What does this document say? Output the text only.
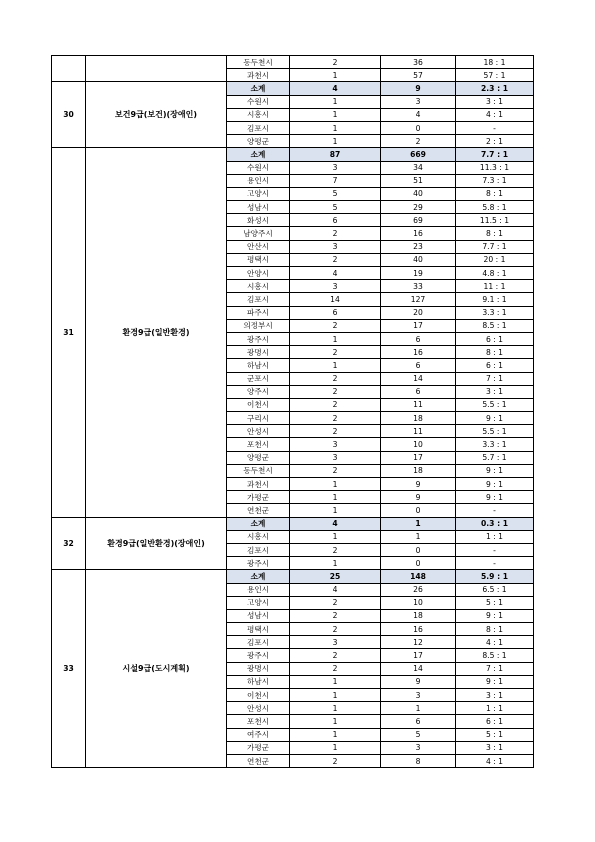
		동두천시	2	36	18 : 1
		과천시	1	57	57 : 1
30	보건9급(보건)(장애인)	소계	4	9	2.3 : 1
		수원시	1	3	3 : 1
		시흥시	1	4	4 : 1
		김포시	1	0	-
		양평군	1	2	2 : 1
31	환경9급(일반환경)	소계	87	669	7.7 : 1
		수원시	3	34	11.3 : 1
		용인시	7	51	7.3 : 1
		고양시	5	40	8 : 1
		성남시	5	29	5.8 : 1
		화성시	6	69	11.5 : 1
		남양주시	2	16	8 : 1
		안산시	3	23	7.7 : 1
		평택시	2	40	20 : 1
		안양시	4	19	4.8 : 1
		시흥시	3	33	11 : 1
		김포시	14	127	9.1 : 1
		파주시	6	20	3.3 : 1
		의정부시	2	17	8.5 : 1
		광주시	1	6	6 : 1
		광명시	2	16	8 : 1
		하남시	1	6	6 : 1
		군포시	2	14	7 : 1
		양주시	2	6	3 : 1
		이천시	2	11	5.5 : 1
		구리시	2	18	9 : 1
		안성시	2	11	5.5 : 1
		포천시	3	10	3.3 : 1
		양평군	3	17	5.7 : 1
		동두천시	2	18	9 : 1
		과천시	1	9	9 : 1
		가평군	1	9	9 : 1
		연천군	1	0	-
32	환경9급(일반환경)(장애인)	소계	4	1	0.3 : 1
		시흥시	1	1	1 : 1
		김포시	2	0	-
		광주시	1	0	-
33	시설9급(도시계획)	소계	25	148	5.9 : 1
		용인시	4	26	6.5 : 1
		고양시	2	10	5 : 1
		성남시	2	18	9 : 1
		평택시	2	16	8 : 1
		김포시	3	12	4 : 1
		광주시	2	17	8.5 : 1
		광명시	2	14	7 : 1
		하남시	1	9	9 : 1
		이천시	1	3	3 : 1
		안성시	1	1	1 : 1
		포천시	1	6	6 : 1
		여주시	1	5	5 : 1
		가평군	1	3	3 : 1
		연천군	2	8	4 : 1
